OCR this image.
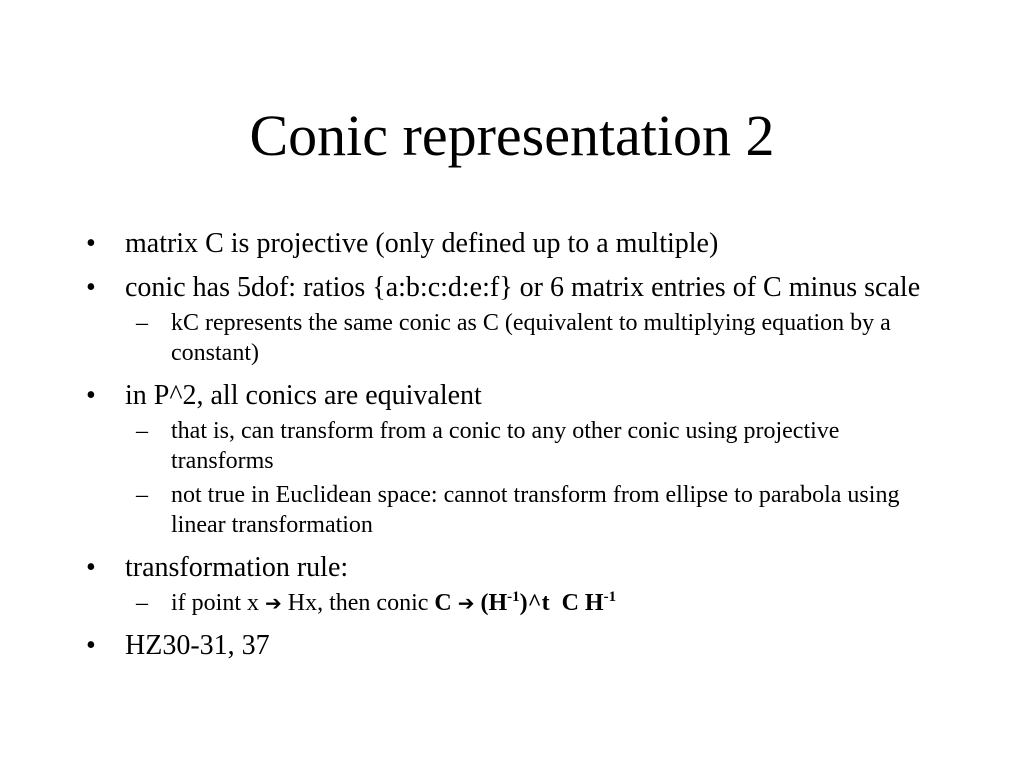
Conic representation 2
• matrix C is projective (only defined up to a multiple)
• conic has 5dof: ratios {a:b:c:d:e:f} or 6 matrix entries of C minus scale
– kC represents the same conic as C (equivalent to multiplying equation by a constant)
• in P^2, all conics are equivalent
– that is, can transform from a conic to any other conic using projective transforms
– not true in Euclidean space: cannot transform from ellipse to parabola using linear transformation
• transformation rule:
– if point x ➔ Hx, then conic C ➔ $(H^{-1})\^{}t$  C $H^{-1}$
• HZ30-31, 37
